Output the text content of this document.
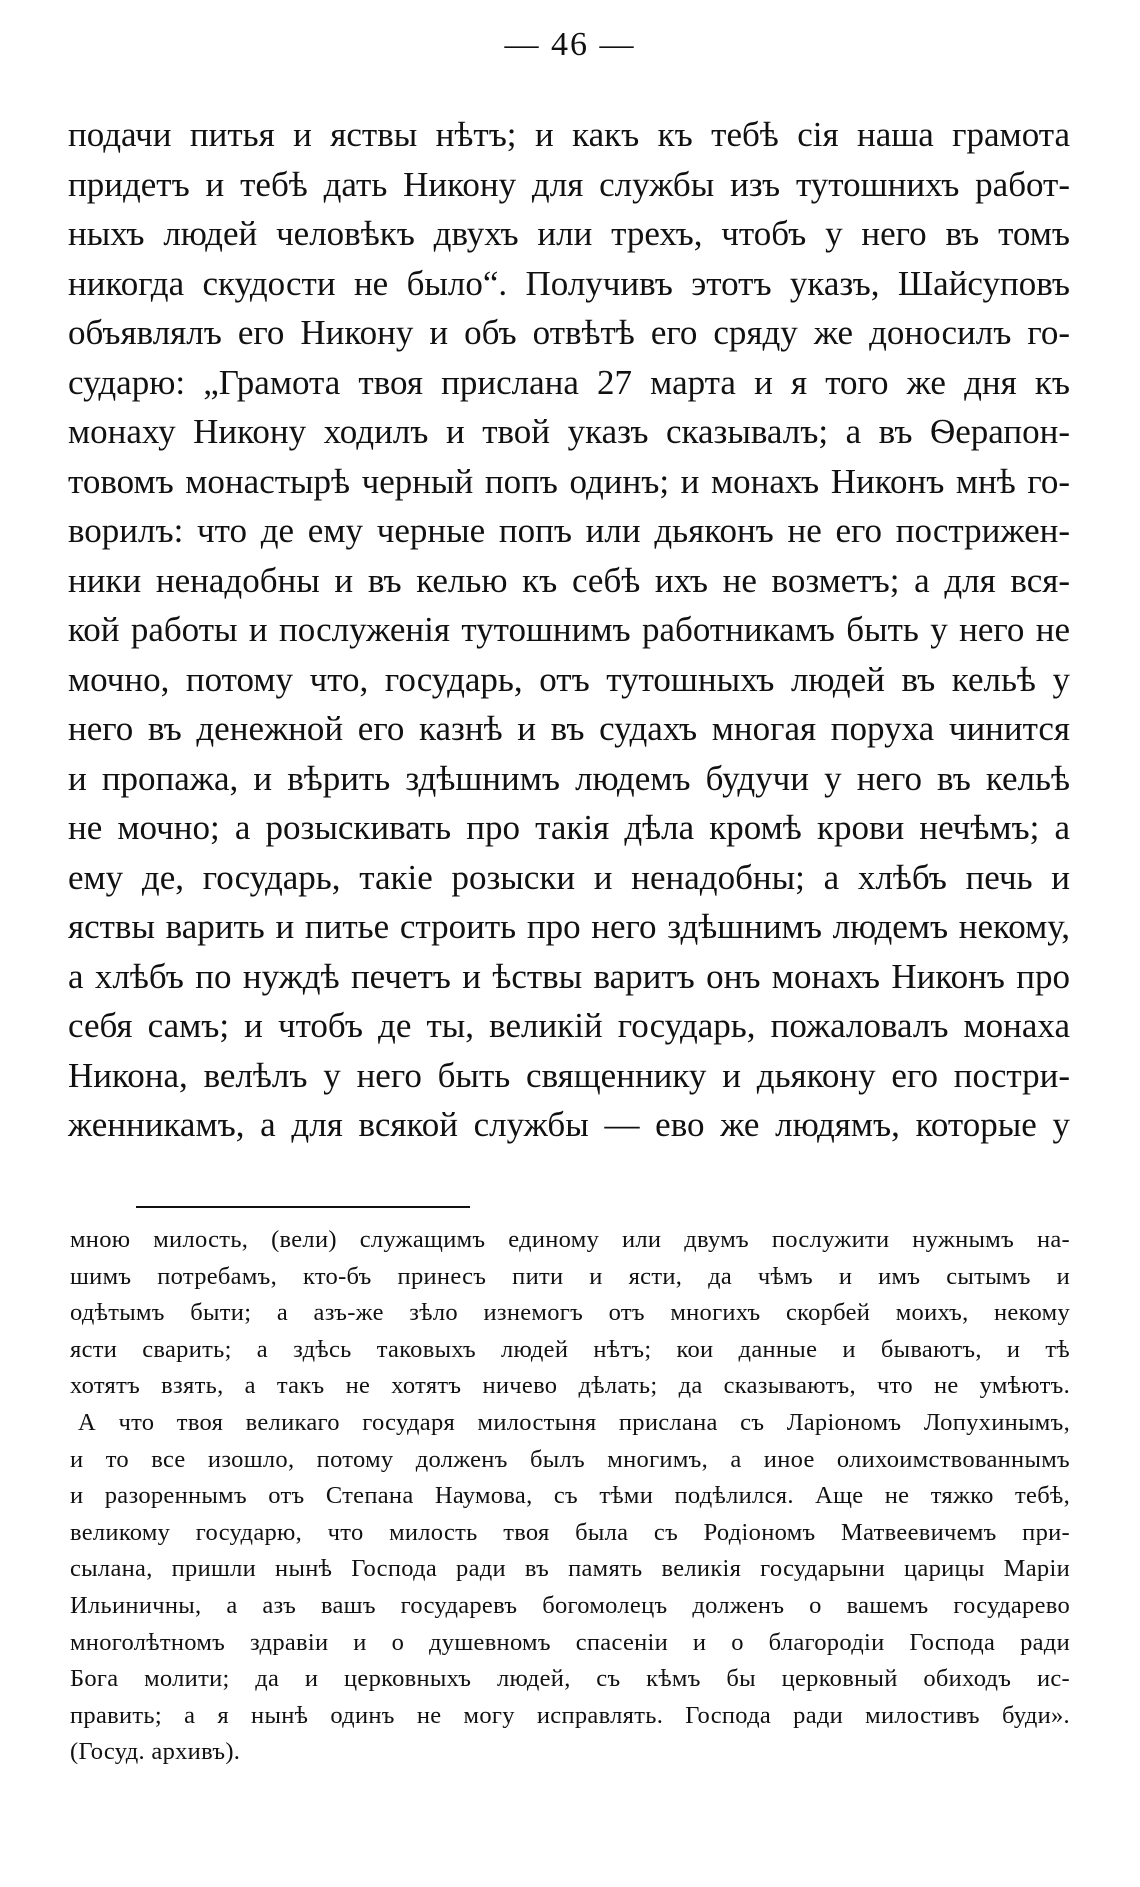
— 46 —
подачи питья и яствы нѣтъ; и какъ къ тебѣ сія наша грамота
придетъ и тебѣ дать Никону для службы изъ тутошнихъ работ-
ныхъ людей человѣкъ двухъ или трехъ, чтобъ у него въ томъ
никогда скудости не было“. Получивъ этотъ указъ, Шайсуповъ
объявлялъ его Никону и объ отвѣтѣ его сряду же доносилъ го-
сударю: „Грамота твоя прислана 27 марта и я того же дня къ
монаху Никону ходилъ и твой указъ сказывалъ; а въ Ѳерапон-
товомъ монастырѣ черный попъ одинъ; и монахъ Никонъ мнѣ го-
ворилъ: что де ему черные попъ или дьяконъ не его пострижен-
ники ненадобны и въ келью къ себѣ ихъ не возметъ; а для вся-
кой работы и послуженія тутошнимъ работникамъ быть у него не
мочно, потому что, государь, отъ тутошныхъ людей въ кельѣ у
него въ денежной его казнѣ и въ судахъ многая поруха чинится
и пропажа, и вѣрить здѣшнимъ людемъ будучи у него въ кельѣ
не мочно; а розыскивать про такія дѣла кромѣ крови нечѣмъ; а
ему де, государь, такіе розыски и ненадобны; а хлѣбъ печь и
яствы варить и питье строить про него здѣшнимъ людемъ некому,
а хлѣбъ по нуждѣ печетъ и ѣствы варитъ онъ монахъ Никонъ про
себя самъ; и чтобъ де ты, великій государь, пожаловалъ монаха
Никона, велѣлъ у него быть священнику и дьякону его постри-
женникамъ, а для всякой службы — ево же людямъ, которые у
мною милость, (вели) служащимъ единому или двумъ послужити нужнымъ на-
шимъ потребамъ, кто-бъ принесъ пити и ясти, да чѣмъ и имъ сытымъ и
одѣтымъ быти; а азъ-же зѣло изнемогъ отъ многихъ скорбей моихъ, некому
ясти сварить; а здѣсь таковыхъ людей нѣтъ; кои данные и бываютъ, и тѣ
хотятъ взять, а такъ не хотятъ ничево дѣлать; да сказываютъ, что не умѣютъ.
А что твоя великаго государя милостыня прислана съ Ларіономъ Лопухинымъ,
и то все изошло, потому долженъ былъ многимъ, а иное олихоимствованнымъ
и разореннымъ отъ Степана Наумова, съ тѣми подѣлился. Аще не тяжко тебѣ,
великому государю, что милость твоя была съ Родіономъ Матвеевичемъ при-
сылана, пришли нынѣ Господа ради въ память великія государыни царицы Маріи
Ильиничны, а азъ вашъ государевъ богомолецъ долженъ о вашемъ государево
многолѣтномъ здравіи и о душевномъ спасеніи и о благородіи Господа ради
Бога молити; да и церковныхъ людей, съ кѣмъ бы церковный обиходъ ис-
править; а я нынѣ одинъ не могу исправлять. Господа ради милостивъ буди».
(Госуд. архивъ).
